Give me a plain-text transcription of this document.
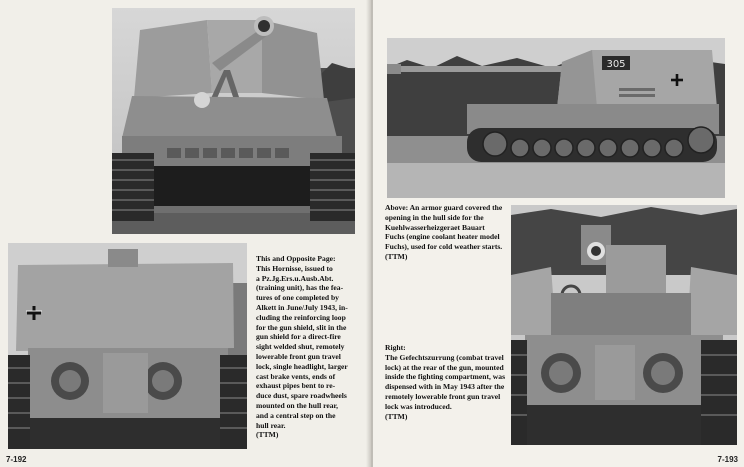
This and Opposite Page:
This Hornisse, issued to
a Pz.Jg.Ers.u.Ausb.Abt.
(training unit), has the fea-
tures of one completed by
Alkett in June/July 1943, in-
cluding the reinforcing loop
for the gun shield, slit in the
gun shield for a direct-fire
sight welded shut, remotely
lowerable front gun travel
lock, single headlight, larger
cast brake vents, ends of
exhaust pipes bent to re-
duce dust, spare roadwheels
mounted on the hull rear,
and a central step on the
hull rear.
(TTM)
7-192
305
Above: An armor guard covered the
opening in the hull side for the
Kuehlwasserheizgeraet Bauart
Fuchs (engine coolant heater model
Fuchs), used for cold weather starts.
(TTM)
Right:
The Gefechtszurrung (combat travel
lock) at the rear of the gun, mounted
inside the fighting compartment, was
dispensed with in May 1943 after the
remotely lowerable front gun travel
lock was introduced.
(TTM)
7-193
